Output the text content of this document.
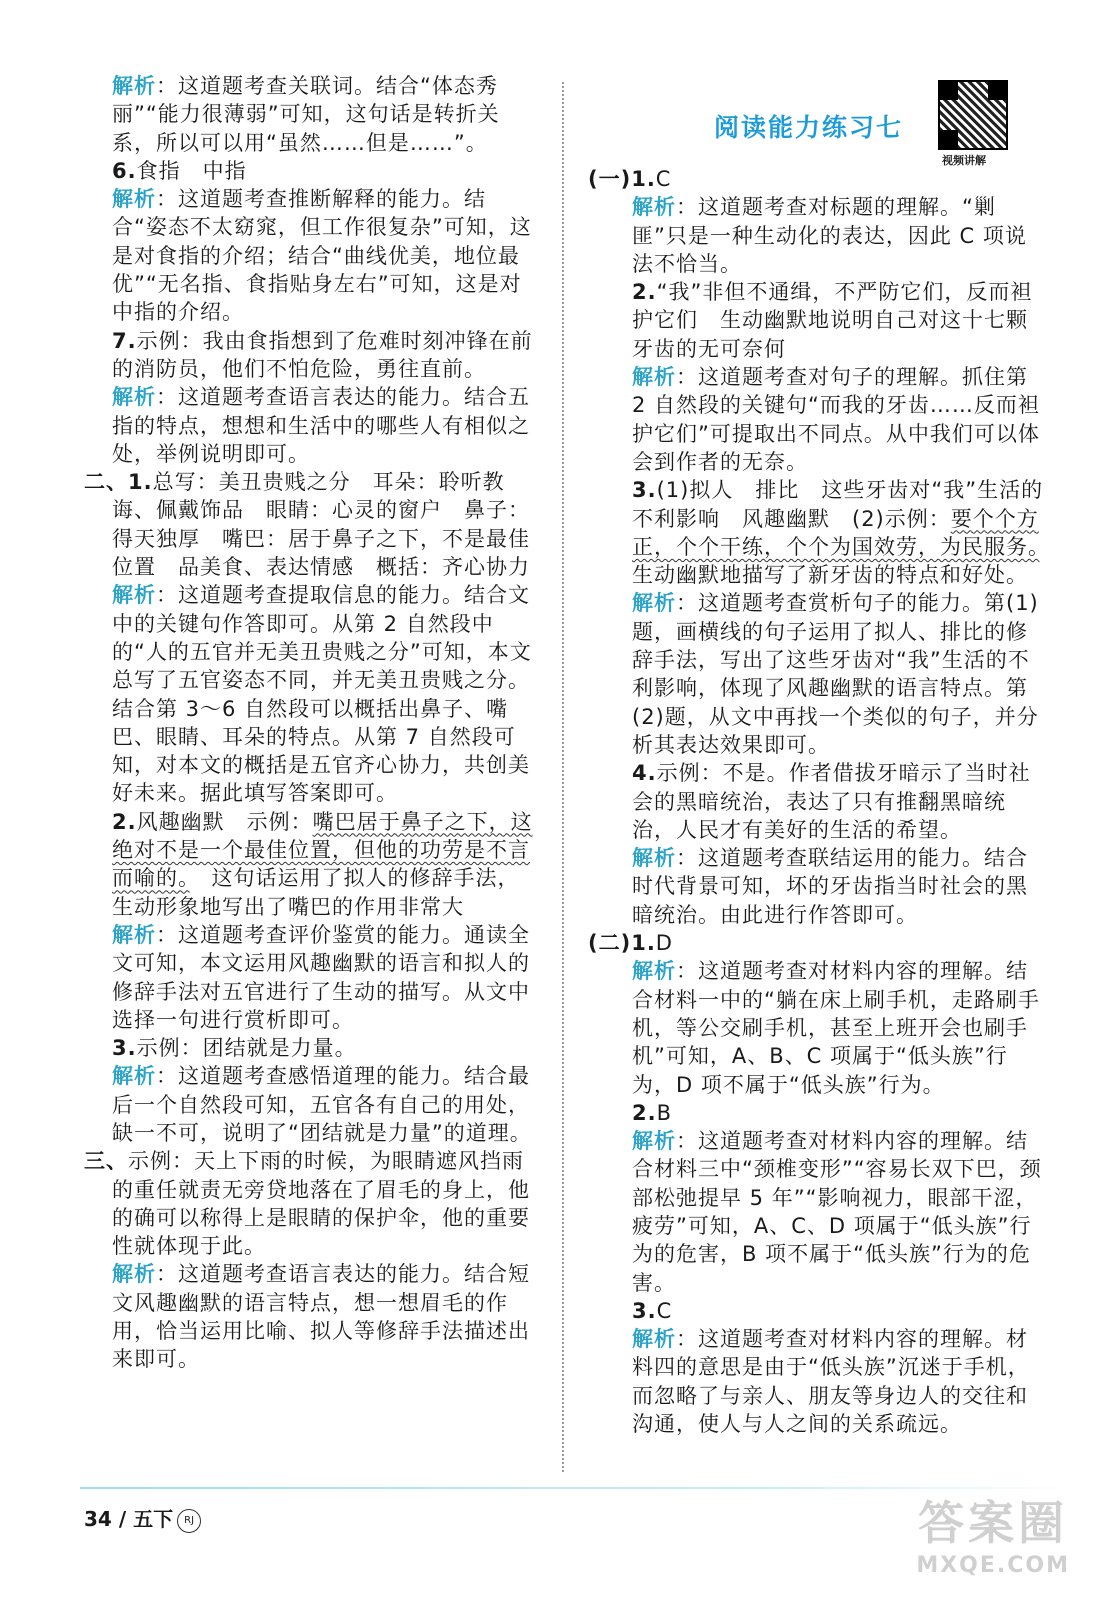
解析：这道题考查关联词。结合“体态秀丽”“能力很薄弱”可知，这句话是转折关系，所以可以用“虽然……但是……”。

6.食指　中指

解析：这道题考查推断解释的能力。结合“姿态不太窈窕，但工作很复杂”可知，这是对食指的介绍；结合“曲线优美，地位最优”“无名指、食指贴身左右”可知，这是对中指的介绍。

7.示例：我由食指想到了危难时刻冲锋在前的消防员，他们不怕危险，勇往直前。

解析：这道题考查语言表达的能力。结合五指的特点，想想和生活中的哪些人有相似之处，举例说明即可。

二、1.总写：美丑贵贱之分　耳朵：聆听教诲、佩戴饰品　眼睛：心灵的窗户　鼻子：得天独厚　嘴巴：居于鼻子之下，不是最佳位置　品美食、表达情感　概括：齐心协力

解析：这道题考查提取信息的能力。结合文中的关键句作答即可。从第 2 自然段中的“人的五官并无美丑贵贱之分”可知，本文总写了五官姿态不同，并无美丑贵贱之分。结合第 3～6 自然段可以概括出鼻子、嘴巴、眼睛、耳朵的特点。从第 7 自然段可知，对本文的概括是五官齐心协力，共创美好未来。据此填写答案即可。

2.风趣幽默　示例：嘴巴居于鼻子之下，这绝对不是一个最佳位置，但他的功劳是不言而喻的。　这句话运用了拟人的修辞手法，生动形象地写出了嘴巴的作用非常大

解析：这道题考查评价鉴赏的能力。通读全文可知，本文运用风趣幽默的语言和拟人的修辞手法对五官进行了生动的描写。从文中选择一句进行赏析即可。

3.示例：团结就是力量。

解析：这道题考查感悟道理的能力。结合最后一个自然段可知，五官各有自己的用处，缺一不可，说明了“团结就是力量”的道理。

三、示例：天上下雨的时候，为眼睛遮风挡雨的重任就责无旁贷地落在了眉毛的身上，他的确可以称得上是眼睛的保护伞，他的重要性就体现于此。

解析：这道题考查语言表达的能力。结合短文风趣幽默的语言特点，想一想眉毛的作用，恰当运用比喻、拟人等修辞手法描述出来即可。

阅读能力练习七
视频讲解

(一)1.C

解析：这道题考查对标题的理解。“剿匪”只是一种生动化的表达，因此 C 项说法不恰当。

2.“我”非但不通缉，不严防它们，反而袒护它们　生动幽默地说明自己对这十七颗牙齿的无可奈何

解析：这道题考查对句子的理解。抓住第 2 自然段的关键句“而我的牙齿……反而袒护它们”可提取出不同点。从中我们可以体会到作者的无奈。

3.(1)拟人　排比　这些牙齿对“我”生活的不利影响　风趣幽默　(2)示例：要个个方正，个个干练，个个为国效劳，为民服务。　生动幽默地描写了新牙齿的特点和好处。

解析：这道题考查赏析句子的能力。第(1)题，画横线的句子运用了拟人、排比的修辞手法，写出了这些牙齿对“我”生活的不利影响，体现了风趣幽默的语言特点。第(2)题，从文中再找一个类似的句子，并分析其表达效果即可。

4.示例：不是。作者借拔牙暗示了当时社会的黑暗统治，表达了只有推翻黑暗统治，人民才有美好的生活的希望。

解析：这道题考查联结运用的能力。结合时代背景可知，坏的牙齿指当时社会的黑暗统治。由此进行作答即可。

(二)1.D

解析：这道题考查对材料内容的理解。结合材料一中的“躺在床上刷手机，走路刷手机，等公交刷手机，甚至上班开会也刷手机”可知，A、B、C 项属于“低头族”行为，D 项不属于“低头族”行为。

2.B

解析：这道题考查对材料内容的理解。结合材料三中“颈椎变形”“容易长双下巴，颈部松弛提早 5 年”“影响视力，眼部干涩，疲劳”可知，A、C、D 项属于“低头族”行为的危害，B 项不属于“低头族”行为的危害。

3.C

解析：这道题考查对材料内容的理解。材料四的意思是由于“低头族”沉迷于手机，而忽略了与亲人、朋友等身边人的交往和沟通，使人与人之间的关系疏远。

34 / 五下 RJ	答案圈
MXQE.COM
